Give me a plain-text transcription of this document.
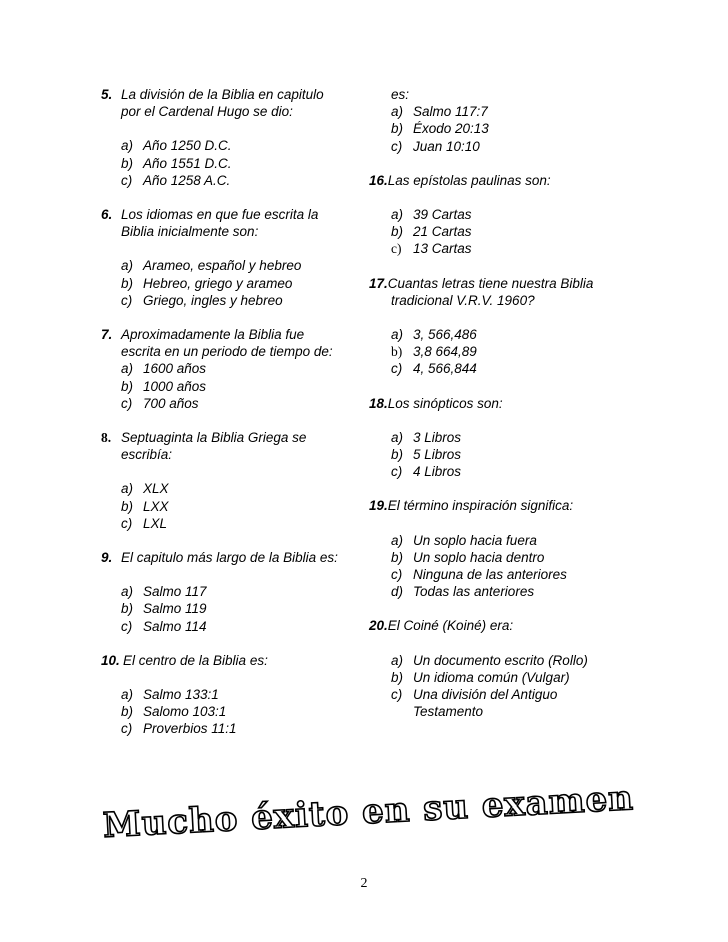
5. La división de la Biblia en capitulo
por el Cardenal Hugo se dio:
a) Año 1250 D.C.
b) Año 1551 D.C.
c) Año 1258 A.C.
6. Los idiomas en que fue escrita la
Biblia inicialmente son:
a) Arameo, español y hebreo
b) Hebreo, griego y arameo
c) Griego, ingles y hebreo
7. Aproximadamente la Biblia fue
escrita en un periodo de tiempo de:
a) 1600 años
b) 1000 años
c) 700 años
8. Septuaginta la Biblia Griega se
escribía:
a) XLX
b) LXX
c) LXL
9. El capitulo más largo de la Biblia es:
a) Salmo 117
b) Salmo 119
c) Salmo 114
10. El centro de la Biblia es:
a) Salmo 133:1
b) Salomo 103:1
c) Proverbios 11:1
es:
a) Salmo 117:7
b) Éxodo 20:13
c) Juan 10:10
16.Las epístolas paulinas son:
a) 39 Cartas
b) 21 Cartas
c) 13 Cartas
17.Cuantas letras tiene nuestra Biblia
tradicional V.R.V. 1960?
a) 3, 566,486
b) 3,8 664,89
c) 4, 566,844
18.Los sinópticos son:
a) 3 Libros
b) 5 Libros
c) 4 Libros
19.El término inspiración significa:
a) Un soplo hacia fuera
b) Un soplo hacia dentro
c) Ninguna de las anteriores
d) Todas las anteriores
20.El Coiné (Koiné) era:
a) Un documento escrito (Rollo)
b) Un idioma común (Vulgar)
c) Una división del Antiguo Testamento
Mucho éxito en su examen
2
